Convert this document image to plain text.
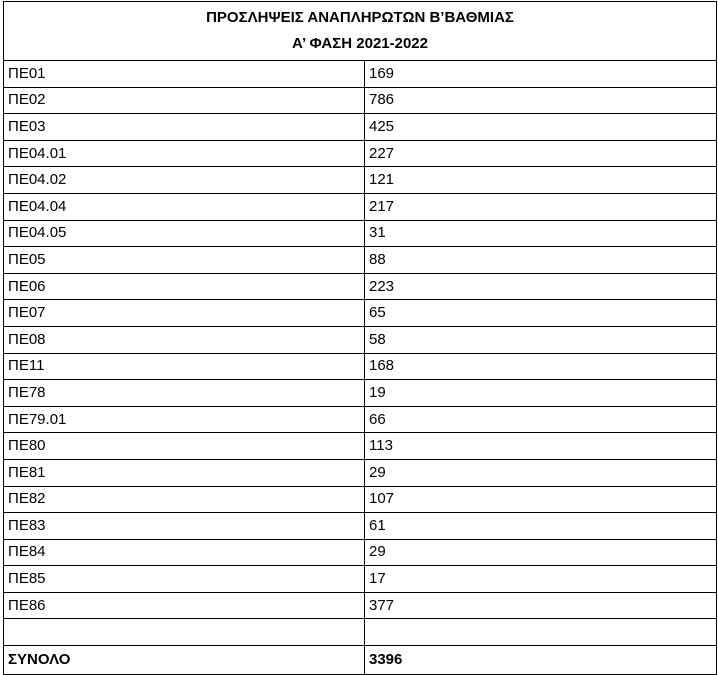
ΠΡΟΣΛΗΨΕΙΣ ΑΝΑΠΛΗΡΩΤΩΝ Β’ΒΑΘΜΙΑΣ
Α’ ΦΑΣΗ 2021-2022	

ΠΕ01	169
ΠΕ02	786
ΠΕ03	425
ΠΕ04.01	227
ΠΕ04.02	121
ΠΕ04.04	217
ΠΕ04.05	31
ΠΕ05	88
ΠΕ06	223
ΠΕ07	65
ΠΕ08	58
ΠΕ11	168
ΠΕ78	19
ΠΕ79.01	66
ΠΕ80	113
ΠΕ81	29
ΠΕ82	107
ΠΕ83	61
ΠΕ84	29
ΠΕ85	17
ΠΕ86	377

ΣΥΝΟΛΟ	3396
